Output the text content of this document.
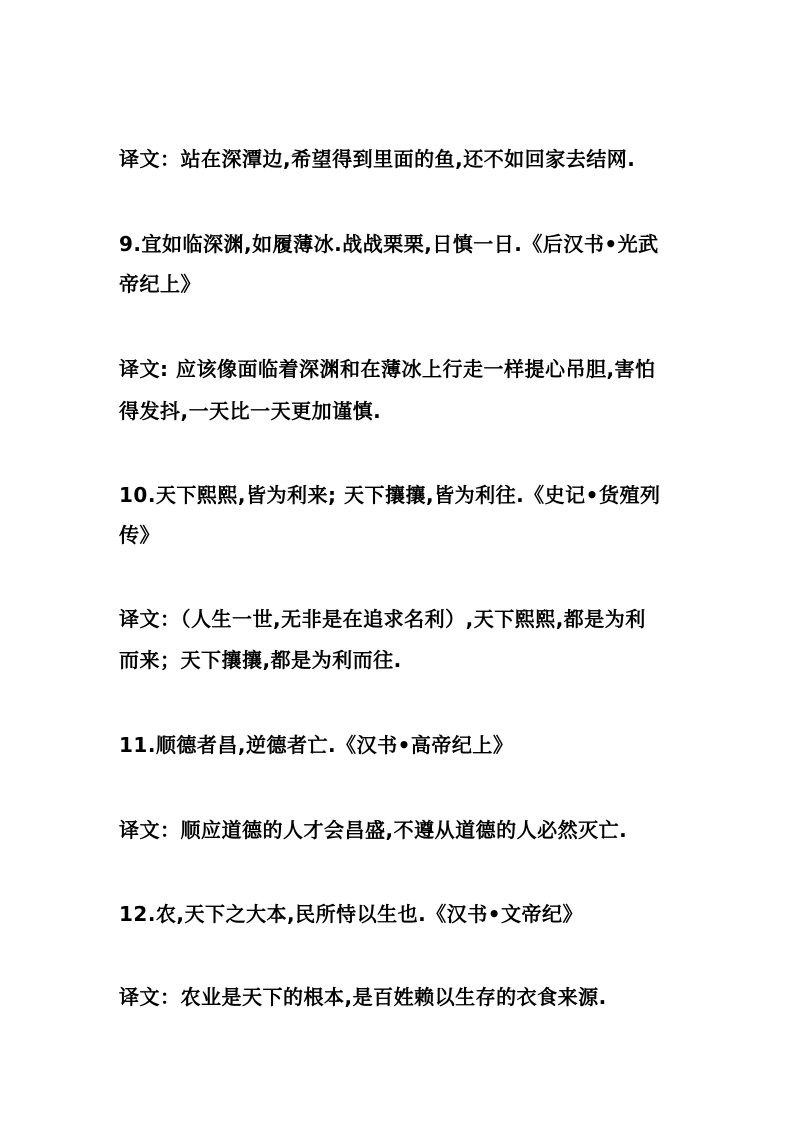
译文：站在深潭边,希望得到里面的鱼,还不如回家去结网.
9.宜如临深渊,如履薄冰.战战栗栗,日慎一日.《后汉书•光武
帝纪上》
译文: 应该像面临着深渊和在薄冰上行走一样提心吊胆,害怕
得发抖,一天比一天更加谨慎.
10.天下熙熙,皆为利来; 天下攘攘,皆为利往.《史记•货殖列
传》
译文：（人生一世,无非是在追求名利）,天下熙熙,都是为利
而来；天下攘攘,都是为利而往.
11.顺德者昌,逆德者亡.《汉书•高帝纪上》
译文：顺应道德的人才会昌盛,不遵从道德的人必然灭亡.
12.农,天下之大本,民所恃以生也.《汉书•文帝纪》
译文：农业是天下的根本,是百姓赖以生存的衣食来源.
